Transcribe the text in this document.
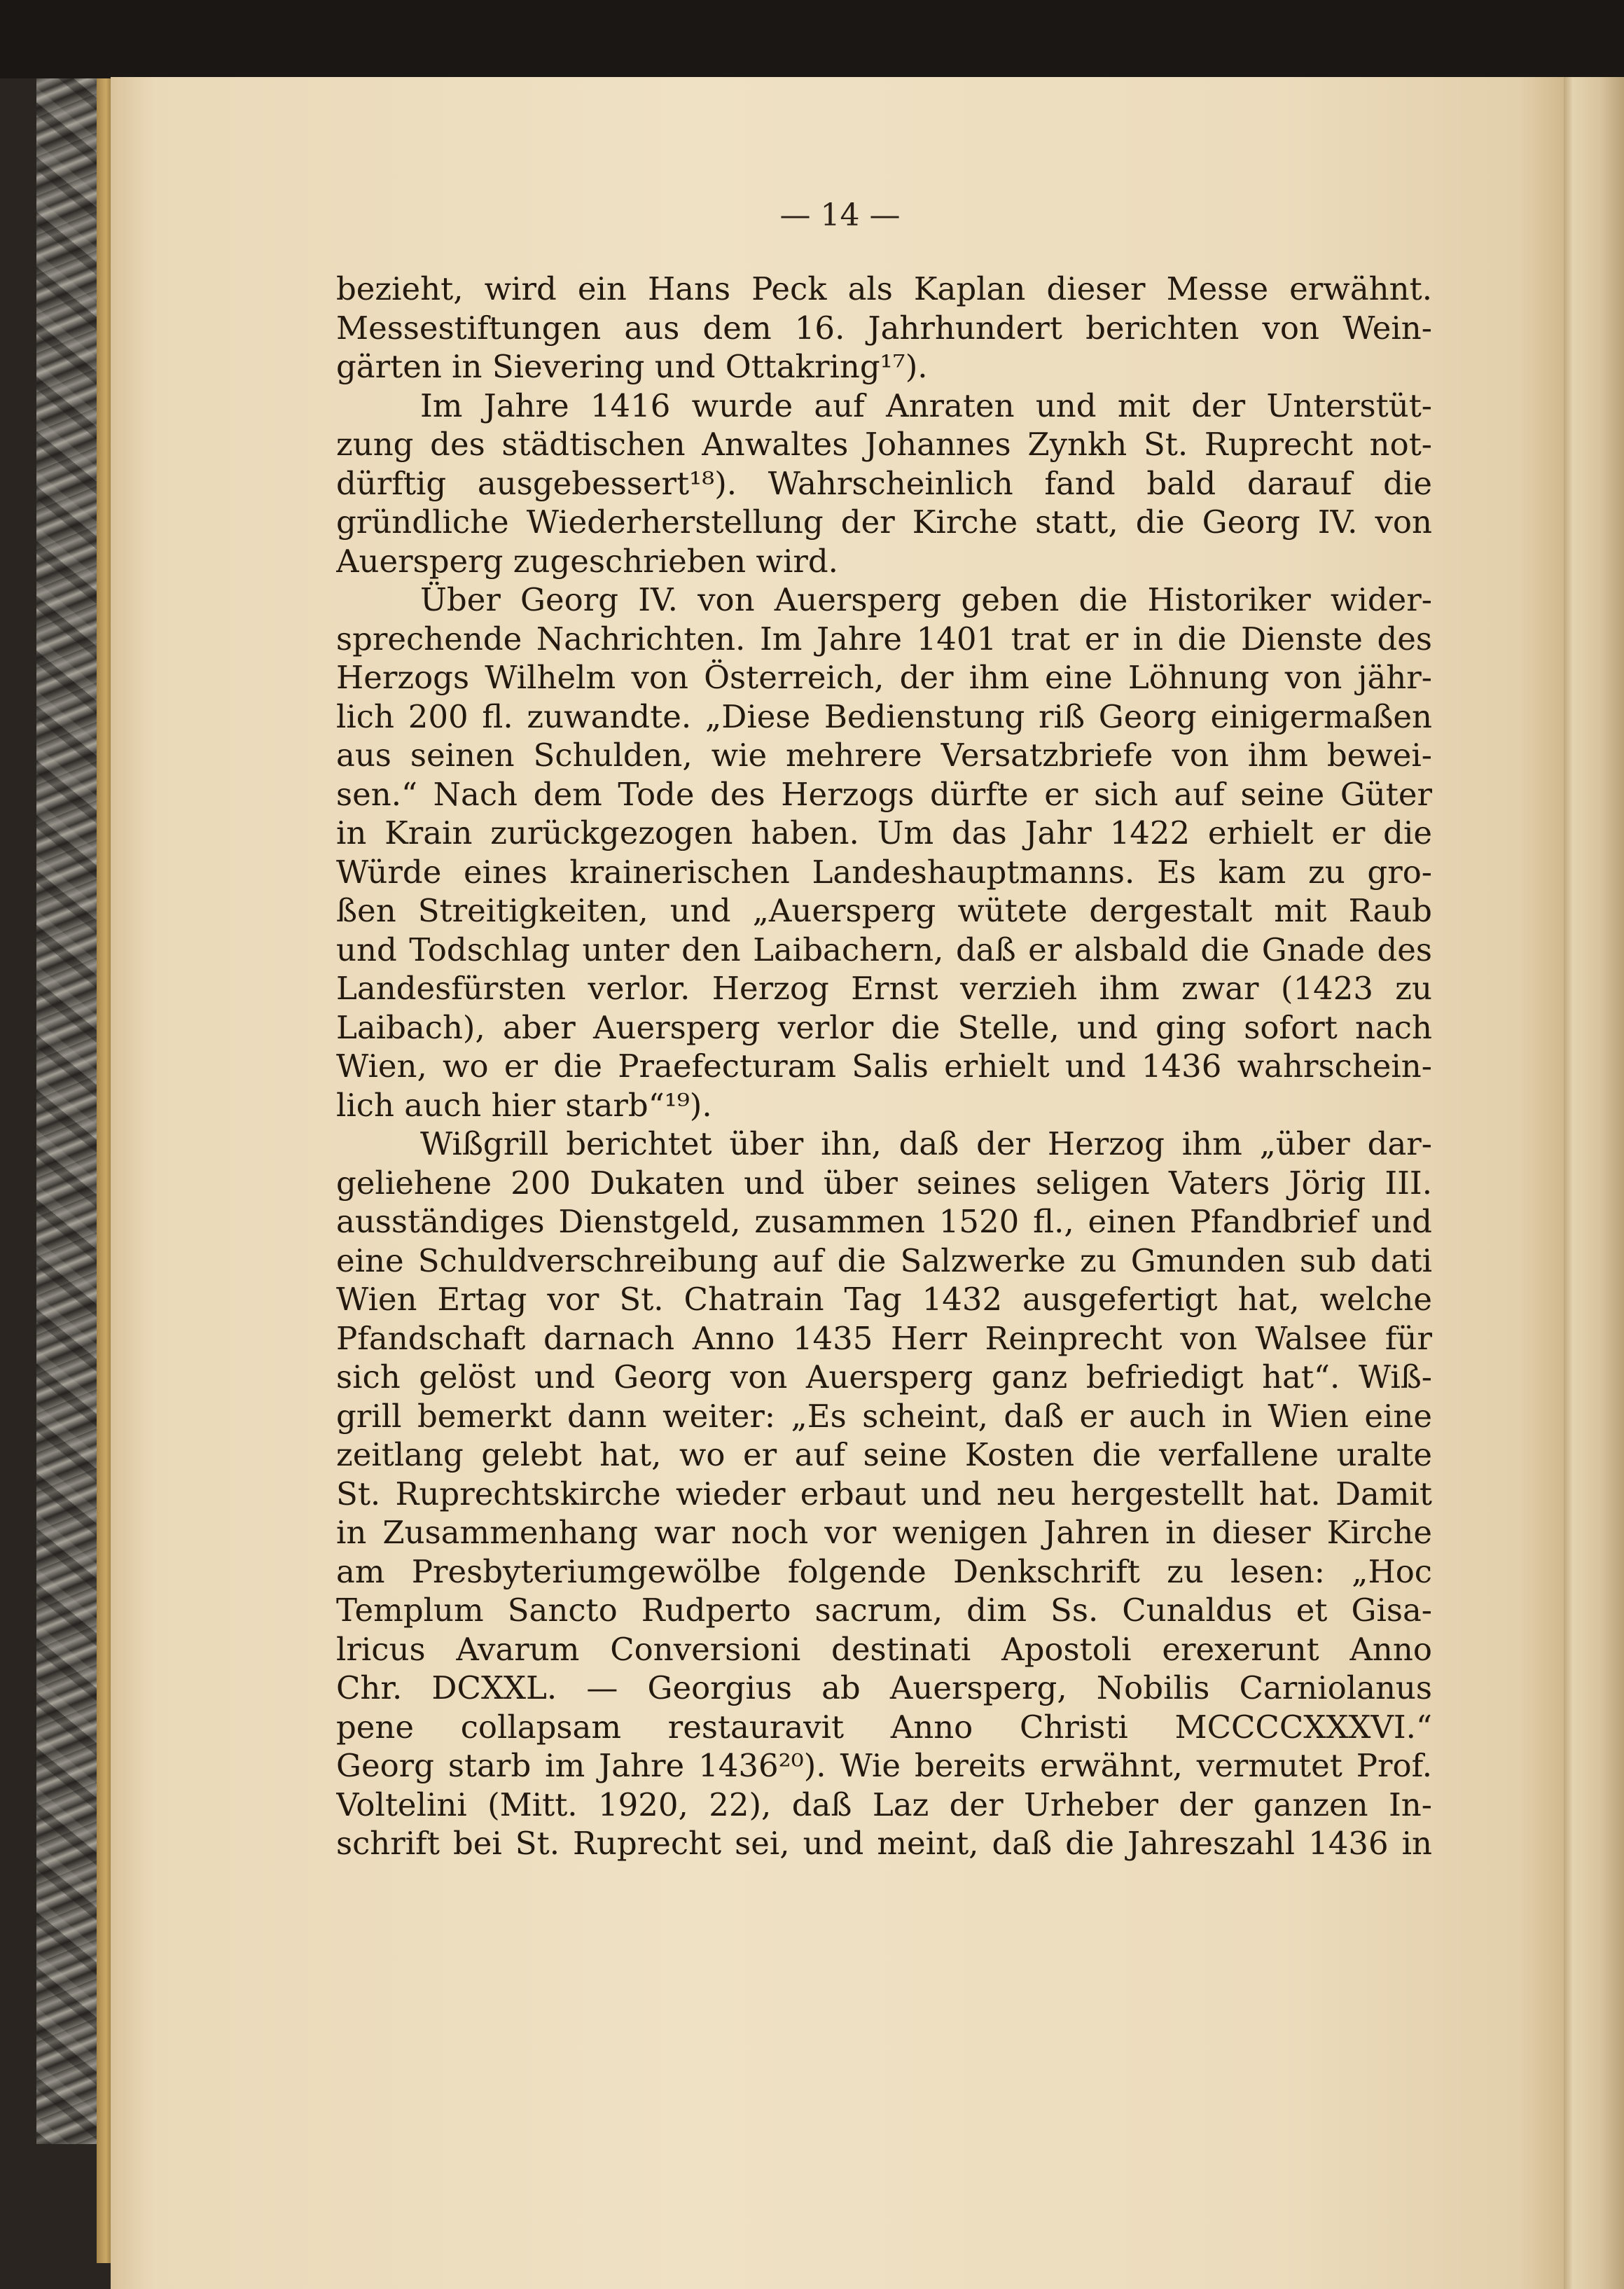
— 14 —

bezieht, wird ein Hans Peck als Kaplan dieser Messe erwähnt.
Messestiftungen aus dem 16. Jahrhundert berichten von Wein-
gärten in Sievering und Ottakring¹⁷).
Im Jahre 1416 wurde auf Anraten und mit der Unterstüt-
zung des städtischen Anwaltes Johannes Zynkh St. Ruprecht not-
dürftig ausgebessert¹⁸). Wahrscheinlich fand bald darauf die
gründliche Wiederherstellung der Kirche statt, die Georg IV. von
Auersperg zugeschrieben wird.
Über Georg IV. von Auersperg geben die Historiker wider-
sprechende Nachrichten. Im Jahre 1401 trat er in die Dienste des
Herzogs Wilhelm von Österreich, der ihm eine Löhnung von jähr-
lich 200 fl. zuwandte. „Diese Bedienstung riß Georg einigermaßen
aus seinen Schulden, wie mehrere Versatzbriefe von ihm bewei-
sen.“ Nach dem Tode des Herzogs dürfte er sich auf seine Güter
in Krain zurückgezogen haben. Um das Jahr 1422 erhielt er die
Würde eines krainerischen Landeshauptmanns. Es kam zu gro-
ßen Streitigkeiten, und „Auersperg wütete dergestalt mit Raub
und Todschlag unter den Laibachern, daß er alsbald die Gnade des
Landesfürsten verlor. Herzog Ernst verzieh ihm zwar (1423 zu
Laibach), aber Auersperg verlor die Stelle, und ging sofort nach
Wien, wo er die Praefecturam Salis erhielt und 1436 wahrschein-
lich auch hier starb“¹⁹).
Wißgrill berichtet über ihn, daß der Herzog ihm „über dar-
geliehene 200 Dukaten und über seines seligen Vaters Jörig III.
ausständiges Dienstgeld, zusammen 1520 fl., einen Pfandbrief und
eine Schuldverschreibung auf die Salzwerke zu Gmunden sub dati
Wien Ertag vor St. Chatrain Tag 1432 ausgefertigt hat, welche
Pfandschaft darnach Anno 1435 Herr Reinprecht von Walsee für
sich gelöst und Georg von Auersperg ganz befriedigt hat“. Wiß-
grill bemerkt dann weiter: „Es scheint, daß er auch in Wien eine
zeitlang gelebt hat, wo er auf seine Kosten die verfallene uralte
St. Ruprechtskirche wieder erbaut und neu hergestellt hat. Damit
in Zusammenhang war noch vor wenigen Jahren in dieser Kirche
am Presbyteriumgewölbe folgende Denkschrift zu lesen: „Hoc
Templum Sancto Rudperto sacrum, dim Ss. Cunaldus et Gisa-
lricus Avarum Conversioni destinati Apostoli erexerunt Anno
Chr. DCXXL. — Georgius ab Auersperg, Nobilis Carniolanus
pene collapsam restauravit Anno Christi MCCCCXXXVI.“
Georg starb im Jahre 1436²⁰). Wie bereits erwähnt, vermutet Prof.
Voltelini (Mitt. 1920, 22), daß Laz der Urheber der ganzen In-
schrift bei St. Ruprecht sei, und meint, daß die Jahreszahl 1436 in
